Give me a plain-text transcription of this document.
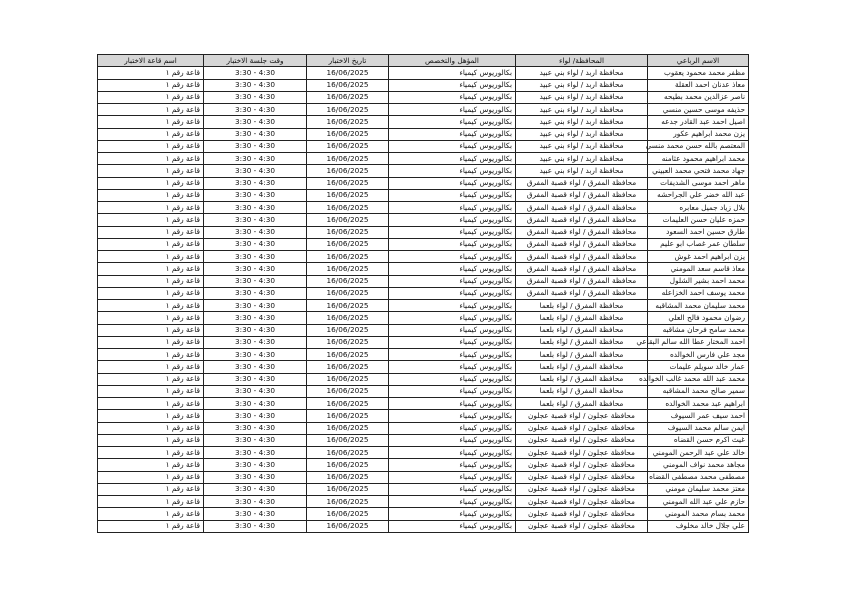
اسم قاعة الاختبار	وقت جلسة الاختبار	تاريخ الاختبار	المؤهل والتخصص	المحافظة/ لواء	الاسم الرباعي
قاعة رقم ١	3:30 - 4:30	16/06/2025	بكالوريوس كيمياء	محافظة اربد / لواء بني عبيد	مظفر محمد محمود يعقوب
قاعة رقم ١	3:30 - 4:30	16/06/2025	بكالوريوس كيمياء	محافظة اربد / لواء بني عبيد	معاذ عدنان احمد العقلة
قاعة رقم ١	3:30 - 4:30	16/06/2025	بكالوريوس كيمياء	محافظة اربد / لواء بني عبيد	ناصر عزالدين محمد بطيحه
قاعة رقم ١	3:30 - 4:30	16/06/2025	بكالوريوس كيمياء	محافظة اربد / لواء بني عبيد	حذيفه موسى حسين منسي
قاعة رقم ١	3:30 - 4:30	16/06/2025	بكالوريوس كيمياء	محافظة اربد / لواء بني عبيد	اصيل احمد عبد القادر جدعه
قاعة رقم ١	3:30 - 4:30	16/06/2025	بكالوريوس كيمياء	محافظة اربد / لواء بني عبيد	يزن محمد ابراهيم عكور
قاعة رقم ١	3:30 - 4:30	16/06/2025	بكالوريوس كيمياء	محافظة اربد / لواء بني عبيد	المعتصم بالله حسن محمد منسي
قاعة رقم ١	3:30 - 4:30	16/06/2025	بكالوريوس كيمياء	محافظة اربد / لواء بني عبيد	محمد ابراهيم محمود عثامنه
قاعة رقم ١	3:30 - 4:30	16/06/2025	بكالوريوس كيمياء	محافظة اربد / لواء بني عبيد	جهاد محمد فتحي محمد العبيني
قاعة رقم ١	3:30 - 4:30	16/06/2025	بكالوريوس كيمياء	محافظة المفرق / لواء قصبة المفرق	ماهر احمد موسى الشديفات
قاعة رقم ١	3:30 - 4:30	16/06/2025	بكالوريوس كيمياء	محافظة المفرق / لواء قصبة المفرق	عبد الله خضر علي الجراحشه
قاعة رقم ١	3:30 - 4:30	16/06/2025	بكالوريوس كيمياء	محافظة المفرق / لواء قصبة المفرق	بلال زياد جميل معابره
قاعة رقم ١	3:30 - 4:30	16/06/2025	بكالوريوس كيمياء	محافظة المفرق / لواء قصبة المفرق	حمزه عليان حسن العليمات
قاعة رقم ١	3:30 - 4:30	16/06/2025	بكالوريوس كيمياء	محافظة المفرق / لواء قصبة المفرق	طارق حسين احمد السعود
قاعة رقم ١	3:30 - 4:30	16/06/2025	بكالوريوس كيمياء	محافظة المفرق / لواء قصبة المفرق	سلطان عمر غصاب ابو عليم
قاعة رقم ١	3:30 - 4:30	16/06/2025	بكالوريوس كيمياء	محافظة المفرق / لواء قصبة المفرق	يزن ابراهيم احمد غوش
قاعة رقم ١	3:30 - 4:30	16/06/2025	بكالوريوس كيمياء	محافظة المفرق / لواء قصبة المفرق	معاذ قاسم سعد المومني
قاعة رقم ١	3:30 - 4:30	16/06/2025	بكالوريوس كيمياء	محافظة المفرق / لواء قصبة المفرق	محمد احمد بشير الشلول
قاعة رقم ١	3:30 - 4:30	16/06/2025	بكالوريوس كيمياء	محافظة المفرق / لواء قصبة المفرق	محمد يوسف احمد الخزاعله
قاعة رقم ١	3:30 - 4:30	16/06/2025	بكالوريوس كيمياء	محافظة المفرق / لواء بلعما	محمد سليمان محمد المشاقبه
قاعة رقم ١	3:30 - 4:30	16/06/2025	بكالوريوس كيمياء	محافظة المفرق / لواء بلعما	رضوان محمود فالح العلي
قاعة رقم ١	3:30 - 4:30	16/06/2025	بكالوريوس كيمياء	محافظة المفرق / لواء بلعما	محمد سامح فرحان مشاقبه
قاعة رقم ١	3:30 - 4:30	16/06/2025	بكالوريوس كيمياء	محافظة المفرق / لواء بلعما	احمد المختار عطا الله سالم البقاعي
قاعة رقم ١	3:30 - 4:30	16/06/2025	بكالوريوس كيمياء	محافظة المفرق / لواء بلعما	مجد علي فارس الخوالده
قاعة رقم ١	3:30 - 4:30	16/06/2025	بكالوريوس كيمياء	محافظة المفرق / لواء بلعما	عمار خالد سويلم عليمات
قاعة رقم ١	3:30 - 4:30	16/06/2025	بكالوريوس كيمياء	محافظة المفرق / لواء بلعما	محمد عبد الله محمد غالب الخوالده
قاعة رقم ١	3:30 - 4:30	16/06/2025	بكالوريوس كيمياء	محافظة المفرق / لواء بلعما	سمير صالح محمد المشاقبه
قاعة رقم ١	3:30 - 4:30	16/06/2025	بكالوريوس كيمياء	محافظة المفرق / لواء بلعما	ابراهيم عبد محمد الخوالده
قاعة رقم ١	3:30 - 4:30	16/06/2025	بكالوريوس كيمياء	محافظة عجلون / لواء قصبة عجلون	احمد سيف عمر السيوف
قاعة رقم ١	3:30 - 4:30	16/06/2025	بكالوريوس كيمياء	محافظة عجلون / لواء قصبة عجلون	ايمن سالم محمد السيوف
قاعة رقم ١	3:30 - 4:30	16/06/2025	بكالوريوس كيمياء	محافظة عجلون / لواء قصبة عجلون	غيث اكرم حسن القضاه
قاعة رقم ١	3:30 - 4:30	16/06/2025	بكالوريوس كيمياء	محافظة عجلون / لواء قصبة عجلون	خالد علي عبد الرحمن المومني
قاعة رقم ١	3:30 - 4:30	16/06/2025	بكالوريوس كيمياء	محافظة عجلون / لواء قصبة عجلون	مجاهد محمد نواف المومني
قاعة رقم ١	3:30 - 4:30	16/06/2025	بكالوريوس كيمياء	محافظة عجلون / لواء قصبة عجلون	مصطفى محمد مصطفى القضاه
قاعة رقم ١	3:30 - 4:30	16/06/2025	بكالوريوس كيمياء	محافظة عجلون / لواء قصبة عجلون	معتز محمد سليمان مومني
قاعة رقم ١	3:30 - 4:30	16/06/2025	بكالوريوس كيمياء	محافظة عجلون / لواء قصبة عجلون	حازم علي عبد الله المومني
قاعة رقم ١	3:30 - 4:30	16/06/2025	بكالوريوس كيمياء	محافظة عجلون / لواء قصبة عجلون	محمد بسام محمد المومني
قاعة رقم ١	3:30 - 4:30	16/06/2025	بكالوريوس كيمياء	محافظة عجلون / لواء قصبة عجلون	علي جلال خالد مخلوف
